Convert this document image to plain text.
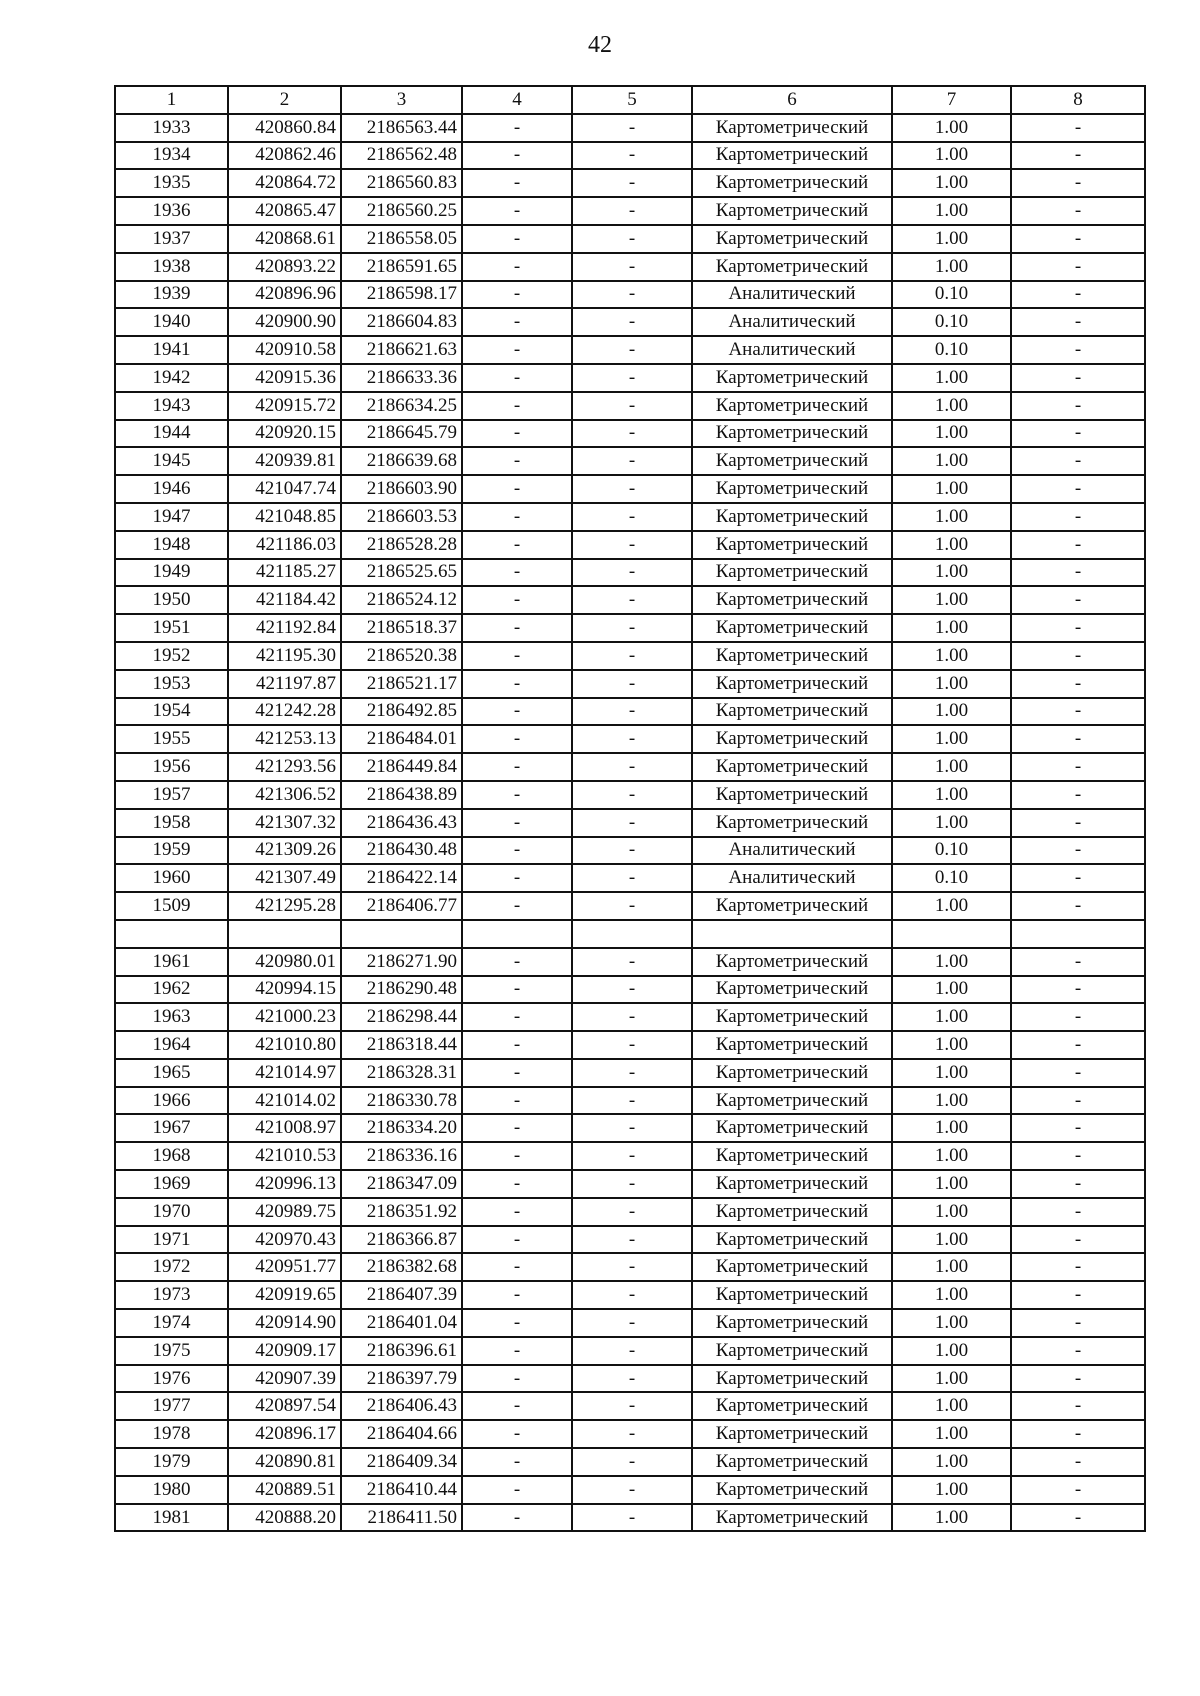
42
1	2	3	4	5	6	7	8
1933	420860.84	2186563.44	-	-	Картометрический	1.00	-
1934	420862.46	2186562.48	-	-	Картометрический	1.00	-
1935	420864.72	2186560.83	-	-	Картометрический	1.00	-
1936	420865.47	2186560.25	-	-	Картометрический	1.00	-
1937	420868.61	2186558.05	-	-	Картометрический	1.00	-
1938	420893.22	2186591.65	-	-	Картометрический	1.00	-
1939	420896.96	2186598.17	-	-	Аналитический	0.10	-
1940	420900.90	2186604.83	-	-	Аналитический	0.10	-
1941	420910.58	2186621.63	-	-	Аналитический	0.10	-
1942	420915.36	2186633.36	-	-	Картометрический	1.00	-
1943	420915.72	2186634.25	-	-	Картометрический	1.00	-
1944	420920.15	2186645.79	-	-	Картометрический	1.00	-
1945	420939.81	2186639.68	-	-	Картометрический	1.00	-
1946	421047.74	2186603.90	-	-	Картометрический	1.00	-
1947	421048.85	2186603.53	-	-	Картометрический	1.00	-
1948	421186.03	2186528.28	-	-	Картометрический	1.00	-
1949	421185.27	2186525.65	-	-	Картометрический	1.00	-
1950	421184.42	2186524.12	-	-	Картометрический	1.00	-
1951	421192.84	2186518.37	-	-	Картометрический	1.00	-
1952	421195.30	2186520.38	-	-	Картометрический	1.00	-
1953	421197.87	2186521.17	-	-	Картометрический	1.00	-
1954	421242.28	2186492.85	-	-	Картометрический	1.00	-
1955	421253.13	2186484.01	-	-	Картометрический	1.00	-
1956	421293.56	2186449.84	-	-	Картометрический	1.00	-
1957	421306.52	2186438.89	-	-	Картометрический	1.00	-
1958	421307.32	2186436.43	-	-	Картометрический	1.00	-
1959	421309.26	2186430.48	-	-	Аналитический	0.10	-
1960	421307.49	2186422.14	-	-	Аналитический	0.10	-
1509	421295.28	2186406.77	-	-	Картометрический	1.00	-

1961	420980.01	2186271.90	-	-	Картометрический	1.00	-
1962	420994.15	2186290.48	-	-	Картометрический	1.00	-
1963	421000.23	2186298.44	-	-	Картометрический	1.00	-
1964	421010.80	2186318.44	-	-	Картометрический	1.00	-
1965	421014.97	2186328.31	-	-	Картометрический	1.00	-
1966	421014.02	2186330.78	-	-	Картометрический	1.00	-
1967	421008.97	2186334.20	-	-	Картометрический	1.00	-
1968	421010.53	2186336.16	-	-	Картометрический	1.00	-
1969	420996.13	2186347.09	-	-	Картометрический	1.00	-
1970	420989.75	2186351.92	-	-	Картометрический	1.00	-
1971	420970.43	2186366.87	-	-	Картометрический	1.00	-
1972	420951.77	2186382.68	-	-	Картометрический	1.00	-
1973	420919.65	2186407.39	-	-	Картометрический	1.00	-
1974	420914.90	2186401.04	-	-	Картометрический	1.00	-
1975	420909.17	2186396.61	-	-	Картометрический	1.00	-
1976	420907.39	2186397.79	-	-	Картометрический	1.00	-
1977	420897.54	2186406.43	-	-	Картометрический	1.00	-
1978	420896.17	2186404.66	-	-	Картометрический	1.00	-
1979	420890.81	2186409.34	-	-	Картометрический	1.00	-
1980	420889.51	2186410.44	-	-	Картометрический	1.00	-
1981	420888.20	2186411.50	-	-	Картометрический	1.00	-
